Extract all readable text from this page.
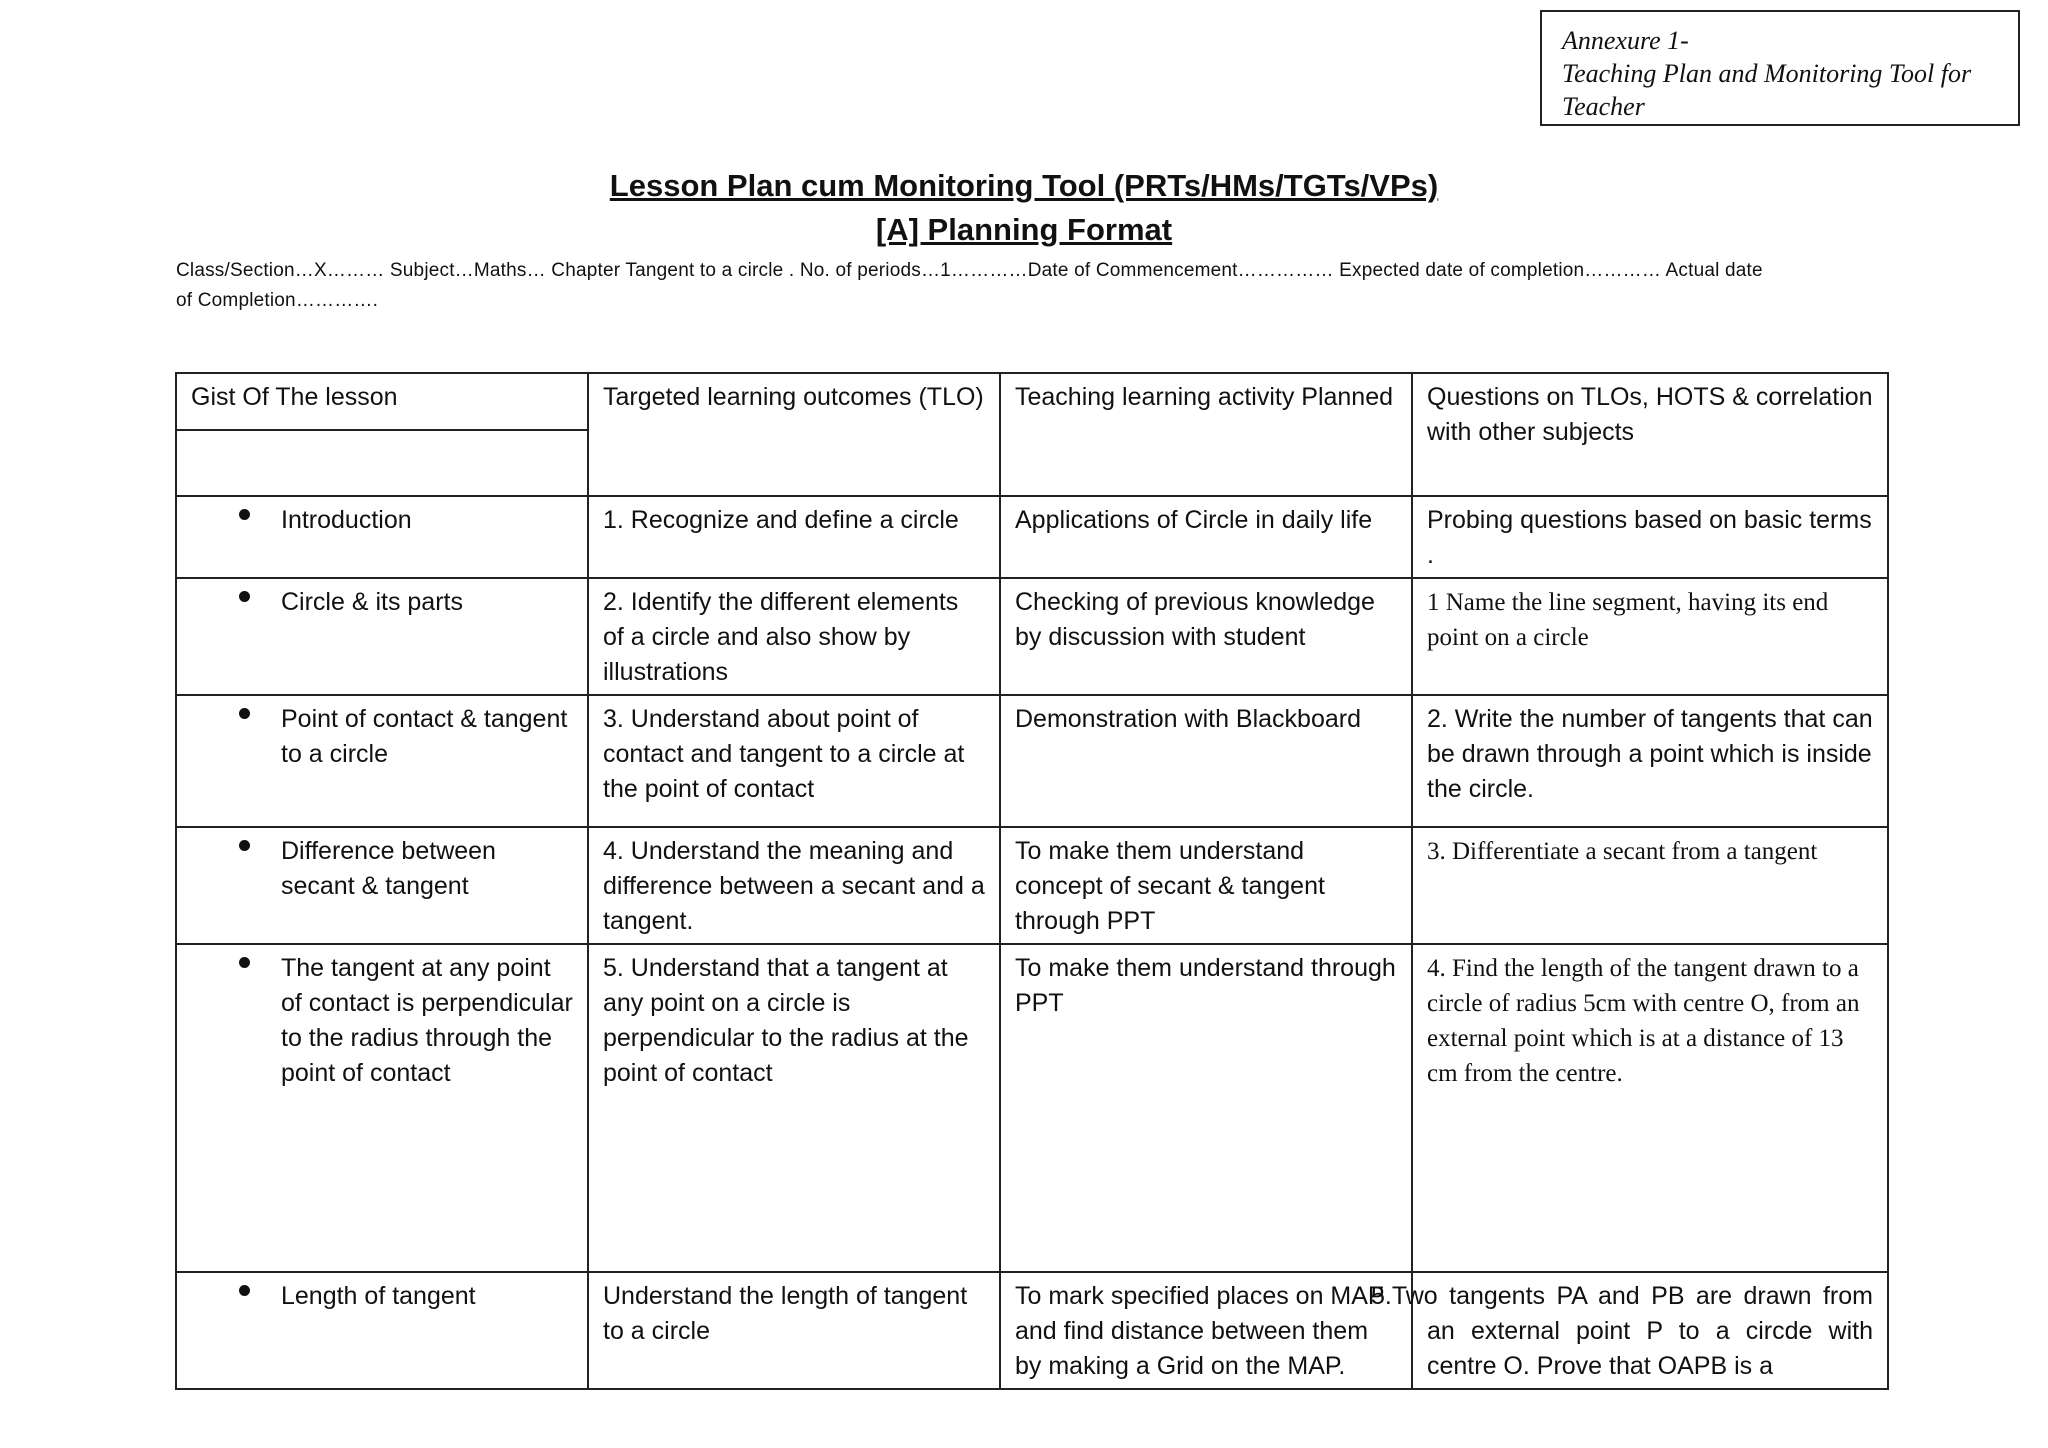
Annexure 1-
Teaching Plan and Monitoring Tool for
Teacher
Lesson Plan cum Monitoring Tool (PRTs/HMs/TGTs/VPs)
[A] Planning Format
Class/Section…X……… Subject…Maths… Chapter Tangent to a circle . No. of periods…1…………Date of Commencement…………… Expected date of completion………… Actual date of Completion………….
Gist Of The lesson	Targeted learning outcomes (TLO)	Teaching learning activity Planned	Questions on TLOs, HOTS & correlation with other subjects

Introduction	1. Recognize and define a circle	Applications of Circle in daily life	Probing questions based on basic terms .

Circle & its parts	2. Identify the different elements of a circle and also show by illustrations	Checking of previous knowledge by discussion with student	1 Name the line segment, having its end point on a circle

Point of contact & tangent to a circle	3. Understand about point of contact and tangent to a circle at the point of contact	Demonstration with Blackboard	2. Write the number of tangents that can be drawn through a point which is inside the circle.

Difference between secant & tangent	4. Understand the meaning and difference between a secant and a tangent.	To make them understand concept of secant & tangent through PPT	3. Differentiate a secant from a tangent

The tangent at any point of contact is perpendicular to the radius through the point of contact	5. Understand that a tangent at any point on a circle is perpendicular to the radius at the point of contact	To make them understand through PPT	4. Find the length of the tangent drawn to a circle of radius 5cm with centre O, from an external point which is at a distance of 13 cm from the centre.

Length of tangent	Understand the length of tangent to a circle	To mark specified places on MAP and find distance between them by making a Grid on the MAP.	5.Two tangents PA and PB are drawn from an external point P to a circde with centre O. Prove that OAPB is a
